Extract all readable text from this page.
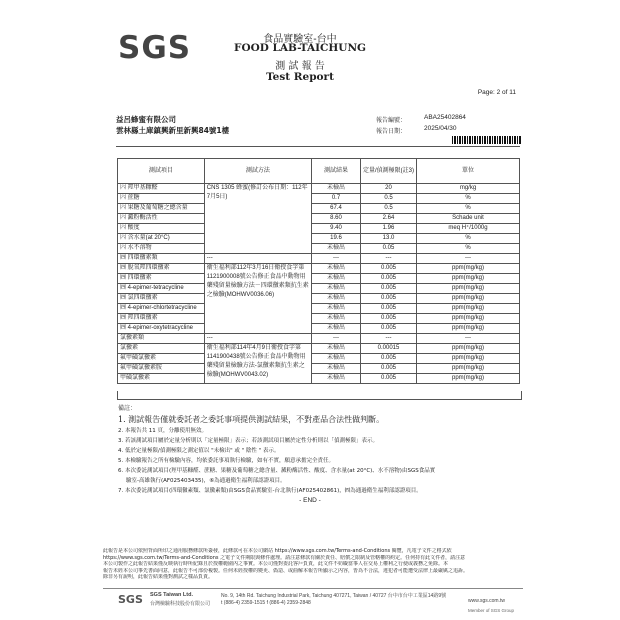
SGS	食品實驗室-台中
FOOD LAB-TAICHUNG
測 試 報 告
Test Report
Page: 2 of 11
益呂蜂蜜有限公司
雲林縣土庫鎮興新里新興84號1樓
報告編號：	ABA25402864
報告日期：	2025/04/30
測試項目	測試方法	測試結果	定量/偵測極限(註3)	單位
㈥ 羥甲基糠醛	CNS 1305 蜂蜜(修訂公布日期：112年7月5日)	未檢出	20	mg/kg
㈥ 蔗糖		0.7	0.5	%
㈥ 果糖及葡萄糖之總含量		67.4	0.5	%
㈥ 澱粉酶活性		8.60	2.64	Schade unit
㈥ 酸度		9.40	1.96	meq H⁺/1000g
㈥ 含水量(at 20°C)		19.6	13.0	%
㈥ 水不溶物		未檢出	0.05	%
㈣ 四環黴素類	---	---	---	---
㈣ 脫氧羥四環黴素	衛生福利部112年3月16日衛授食字第1121900008號公告修正食品中動物用藥殘留量檢驗方法－四環黴素類抗生素之檢驗(MOHWV0036.06)	未檢出	0.005	ppm(mg/kg)
㈣ 四環黴素		未檢出	0.005	ppm(mg/kg)
㈣ 4-epimer-tetracycline		未檢出	0.005	ppm(mg/kg)
㈣ 氯四環黴素		未檢出	0.005	ppm(mg/kg)
㈣ 4-epimer-chlortetracycline		未檢出	0.005	ppm(mg/kg)
㈣ 羥四環黴素		未檢出	0.005	ppm(mg/kg)
㈣ 4-epimer-oxytetracycline		未檢出	0.005	ppm(mg/kg)
氯黴素類	---	---	---	---
氯黴素	衛生福利部114年4月9日衛授食字第1141900438號公告修正食品中動物用藥殘留量檢驗方法-氯黴素類抗生素之檢驗(MOHWV0043.02)	未檢出	0.00015	ppm(mg/kg)
氟甲磺氯黴素		未檢出	0.005	ppm(mg/kg)
氟甲磺氯黴素胺		未檢出	0.005	ppm(mg/kg)
甲磺氯黴素		未檢出	0.005	ppm(mg/kg)
備註：
1. 測試報告僅就委託者之委託事項提供測試結果，不對產品合法性做判斷。
2. 本報告共 11 頁，分離使用無效。
3. 若該測試項目屬於定量分析則以「定量極限」表示；若該測試項目屬於定性分析則以「偵測極限」表示。
4. 低於定量極限/偵測極限之測定值以 "未檢出" 或 " 陰性 " 表示。
5. 本檢驗報告之所有檢驗內容，均依委託事項執行檢驗，如有不實，願意承擔完全責任。
6. 本次委託測試項目(羥甲基糠醛、蔗糖、果糖及葡萄糖之總含量、澱粉酶活性、酸度、含水量(at 20°C)、水不溶物)由SGS食品實
驗室-高雄執行(AF025403435)，⑥為通過衛生福利部認證項目。
7. 本次委託測試項目(四環黴素類、氯黴素類)由SGS食品實驗室-台北執行(AF025402861)，㈣為通過衛生福利部認證項目。
- END -
此報告是本公司依照背面所印之通用服務條款所簽發，此條款可在本公司網站 https://www.sgs.com.tw/Terms-and-Conditions 閱覽，凡電子文件之格式依
https://www.sgs.com.tw/Terms-and-Conditions 之電子文件期限與條件處理。請注意條款有關於責任、賠償之限制及管轄權的約定。任何持有此文件者，請注意
本公司製作之此報告結果僅反映執行時所紀錄且於授權範圍內之事實。本公司僅對委託客戶負責，此文件不妨礙當事人在交易上權利之行使或義務之免除。本
報告未經本公司事先書面同意，此報告不可部份複製。任何未經授權的變更、偽造、或曲解本報告所顯示之內容，皆為不合法，違犯者可能遭受法律上最嚴厲之追訴。
除非另有說明，此報告結果僅對測試之樣品負責。
SGS SGS Taiwan Ltd.
台灣檢驗科技股份有限公司
No. 9, 14th Rd. Taichung Industrial Park, Taichung 407271, Taiwan / 40727 台中市台中工業區14路9號
t (886-4) 2359-1515 f (886-4) 2359-2848	www.sgs.com.tw
Member of SGS Group
